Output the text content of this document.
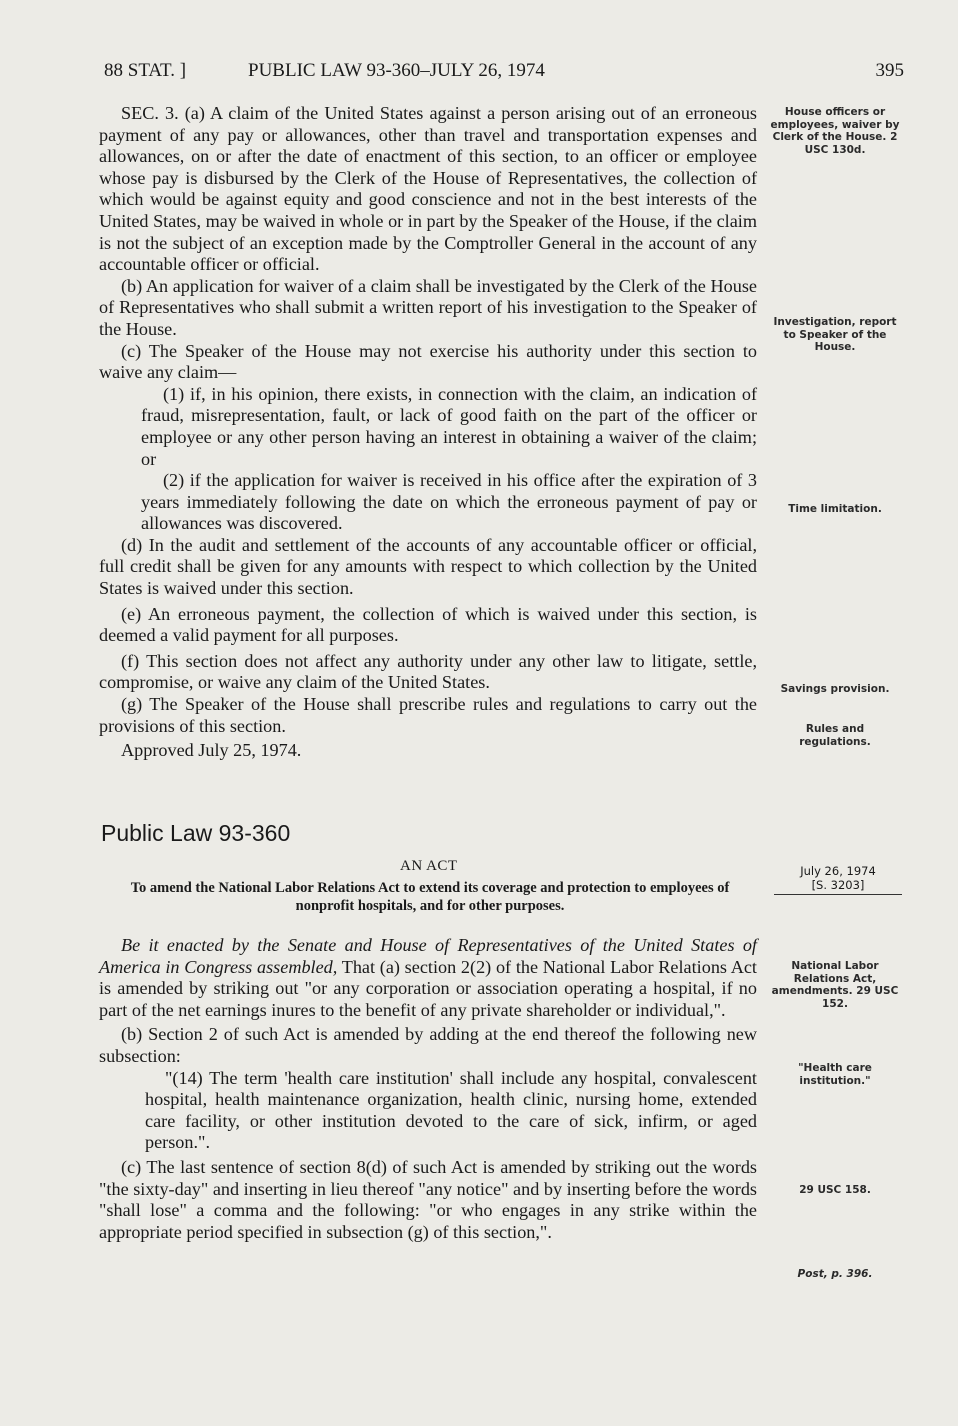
88 STAT. ]	PUBLIC LAW 93-360–JULY 26, 1974	395

SEC. 3. (a) A claim of the United States against a person arising out of an erroneous payment of any pay or allowances, other than travel and transportation expenses and allowances, on or after the date of enactment of this section, to an officer or employee whose pay is disbursed by the Clerk of the House of Representatives, the collection of which would be against equity and good conscience and not in the best interests of the United States, may be waived in whole or in part by the Speaker of the House, if the claim is not the subject of an exception made by the Comptroller General in the account of any accountable officer or official.

(b) An application for waiver of a claim shall be investigated by the Clerk of the House of Representatives who shall submit a written report of his investigation to the Speaker of the House.

(c) The Speaker of the House may not exercise his authority under this section to waive any claim—

(1) if, in his opinion, there exists, in connection with the claim, an indication of fraud, misrepresentation, fault, or lack of good faith on the part of the officer or employee or any other person having an interest in obtaining a waiver of the claim; or

(2) if the application for waiver is received in his office after the expiration of 3 years immediately following the date on which the erroneous payment of pay or allowances was discovered.

(d) In the audit and settlement of the accounts of any accountable officer or official, full credit shall be given for any amounts with respect to which collection by the United States is waived under this section.

(e) An erroneous payment, the collection of which is waived under this section, is deemed a valid payment for all purposes.

(f) This section does not affect any authority under any other law to litigate, settle, compromise, or waive any claim of the United States.

(g) The Speaker of the House shall prescribe rules and regulations to carry out the provisions of this section.

Approved July 25, 1974.

House officers or employees, waiver by Clerk of the House. 2 USC 130d.
Investigation, report to Speaker of the House.
Time limitation.
Savings provision.
Rules and regulations.
Public Law 93-360
AN ACT
To amend the National Labor Relations Act to extend its coverage and protection to employees of nonprofit hospitals, and for other purposes.
July 26, 1974
[S. 3203]

Be it enacted by the Senate and House of Representatives of the United States of America in Congress assembled, That (a) section 2(2) of the National Labor Relations Act is amended by striking out "or any corporation or association operating a hospital, if no part of the net earnings inures to the benefit of any private shareholder or individual,".

(b) Section 2 of such Act is amended by adding at the end thereof the following new subsection:

"(14) The term 'health care institution' shall include any hospital, convalescent hospital, health maintenance organization, health clinic, nursing home, extended care facility, or other institution devoted to the care of sick, infirm, or aged person.".

(c) The last sentence of section 8(d) of such Act is amended by striking out the words "the sixty-day" and inserting in lieu thereof "any notice" and by inserting before the words "shall lose" a comma and the following: "or who engages in any strike within the appropriate period specified in subsection (g) of this section,".

National Labor Relations Act, amendments. 29 USC 152.
"Health care institution."
29 USC 158.
Post, p. 396.
